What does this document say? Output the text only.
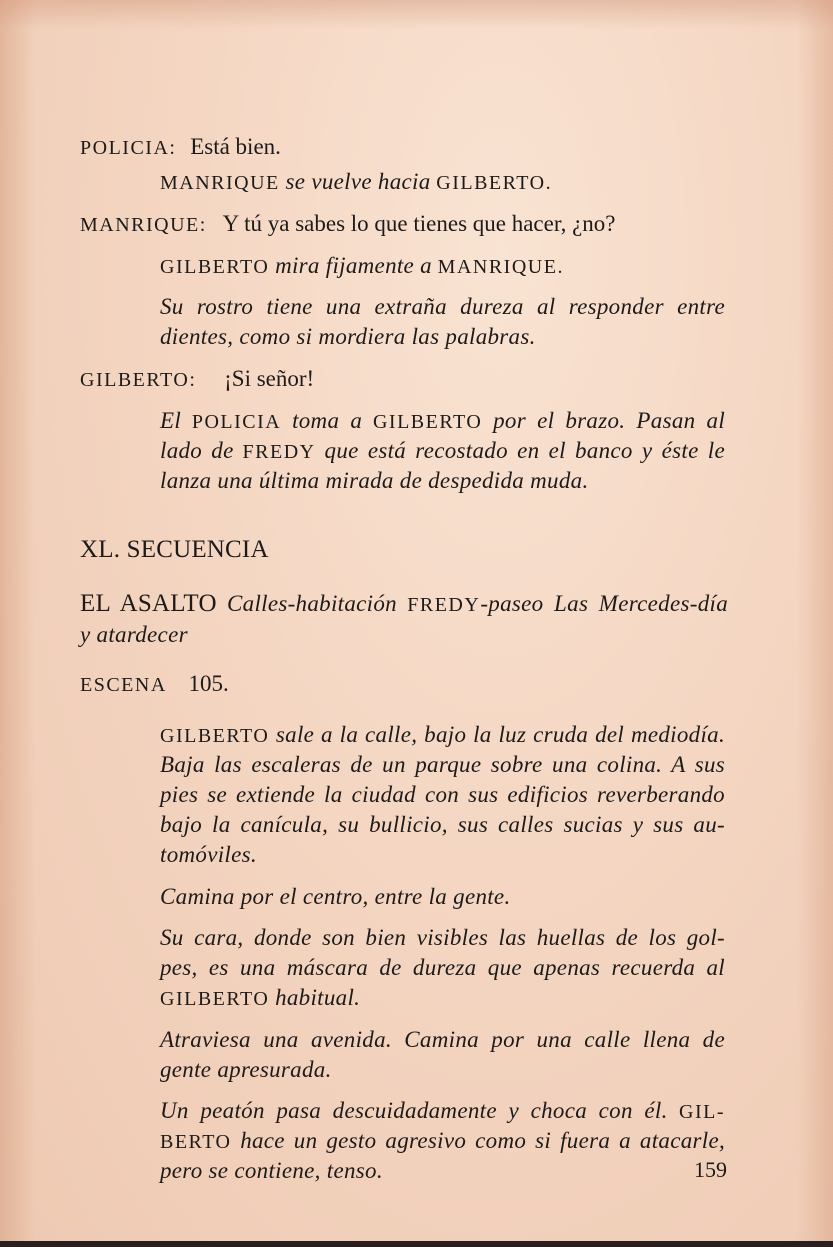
POLICIA: Está bien.
MANRIQUE se vuelve hacia GILBERTO.
MANRIQUE: Y tú ya sabes lo que tienes que hacer, ¿no?
GILBERTO mira fijamente a MANRIQUE.
Su rostro tiene una extraña dureza al responder entre
dientes, como si mordiera las palabras.
GILBERTO: ¡Si señor!
El POLICIA toma a GILBERTO por el brazo. Pasan al
lado de FREDY que está recostado en el banco y éste le
lanza una última mirada de despedida muda.
XL. SECUENCIA
EL ASALTO Calles-habitación FREDY-paseo Las Mercedes-día
y atardecer
ESCENA 105.
GILBERTO sale a la calle, bajo la luz cruda del mediodía.
Baja las escaleras de un parque sobre una colina. A sus
pies se extiende la ciudad con sus edificios reverberando
bajo la canícula, su bullicio, sus calles sucias y sus au-
tomóviles.
Camina por el centro, entre la gente.
Su cara, donde son bien visibles las huellas de los gol-
pes, es una máscara de dureza que apenas recuerda al
GILBERTO habitual.
Atraviesa una avenida. Camina por una calle llena de
gente apresurada.
Un peatón pasa descuidadamente y choca con él. GIL-
BERTO hace un gesto agresivo como si fuera a atacarle,
pero se contiene, tenso.	159
